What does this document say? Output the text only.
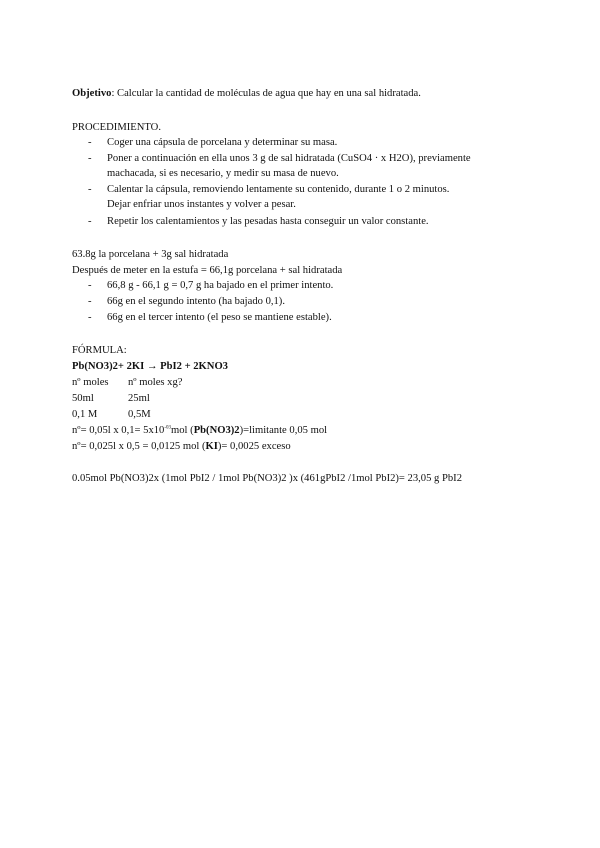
Objetivo: Calcular la cantidad de moléculas de agua que hay en una sal hidratada.
PROCEDIMIENTO.
- Coger una cápsula de porcelana y determinar su masa.
- Poner a continuación en ella unos 3 g de sal hidratada (CuSO4 · x H2O), previamente
machacada, si es necesario, y medir su masa de nuevo.
- Calentar la cápsula, removiendo lentamente su contenido, durante 1 o 2 minutos.
Dejar enfriar unos instantes y volver a pesar.
- Repetir los calentamientos y las pesadas hasta conseguir un valor constante.
63.8g la porcelana + 3g sal hidratada
Después de meter en la estufa = 66,1g porcelana + sal hidratada
- 66,8 g - 66,1 g = 0,7 g ha bajado en el primer intento.
- 66g en el segundo intento (ha bajado 0,1).
- 66g en el tercer intento (el peso se mantiene estable).
FÓRMULA:
Pb(NO3)2+ 2KI → PbI2 + 2KNO3
nº moles nº moles xg?
50ml	25ml
0,1 M	0,5M
nº= 0,05l x $0,1= 5x10^{-03}mol$ (Pb(NO3)2)=limitante 0,05 mol
nº= 0,025l x 0,5 = 0,0125 mol (KI)= 0,0025 exceso
0.05mol Pb(NO3)2x (1mol PbI2 / 1mol Pb(NO3)2 )x (461gPbI2 /1mol PbI2)= 23,05 g PbI2
